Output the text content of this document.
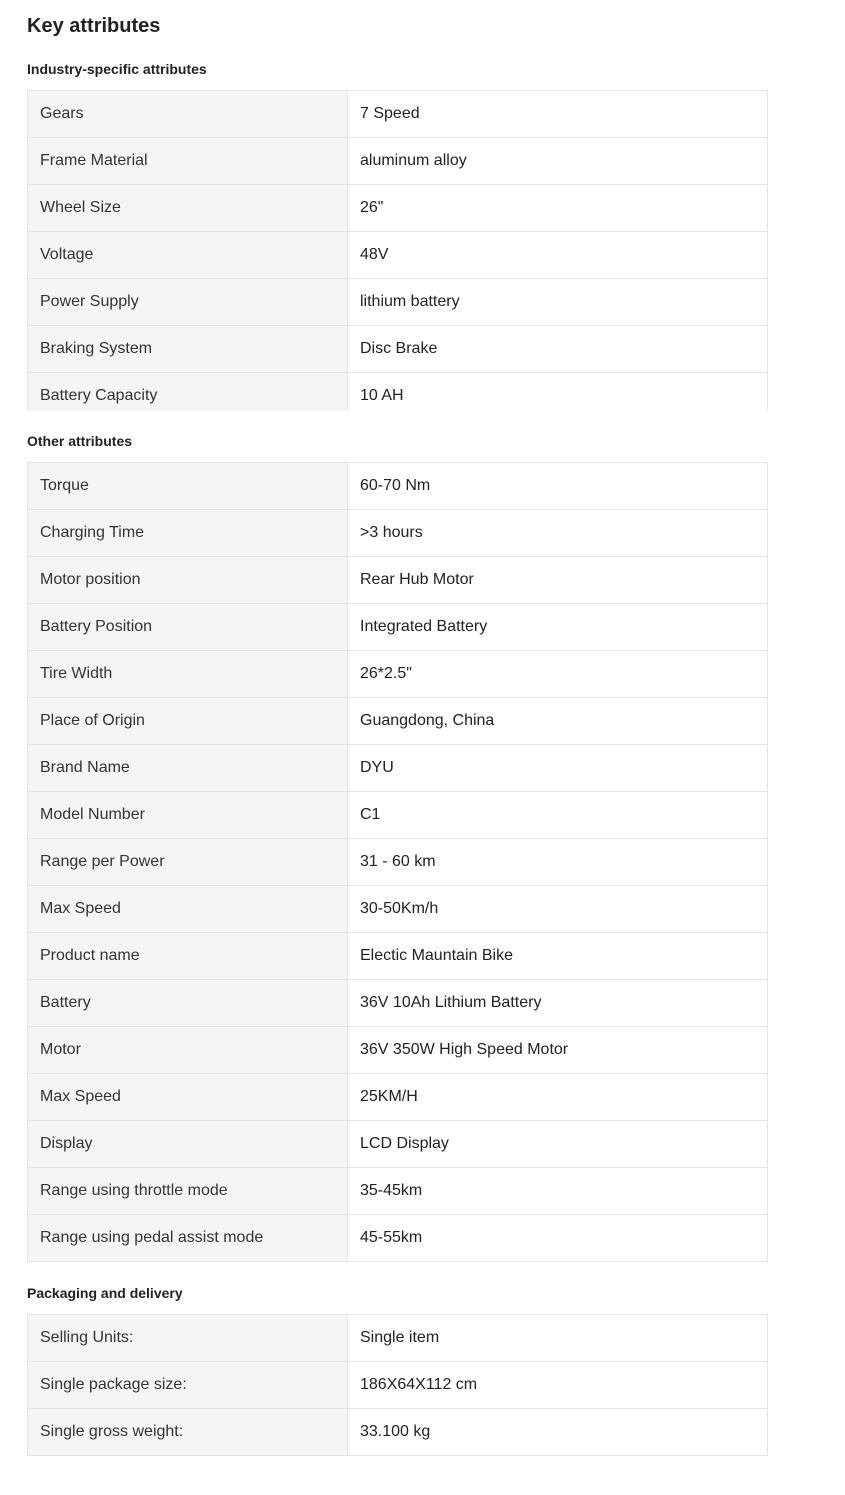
Key attributes
Industry-specific attributes
Gears	7 Speed
Frame Material	aluminum alloy
Wheel Size	26"
Voltage	48V
Power Supply	lithium battery
Braking System	Disc Brake
Battery Capacity	10 AH
Other attributes
Torque	60-70 Nm
Charging Time	>3 hours
Motor position	Rear Hub Motor
Battery Position	Integrated Battery
Tire Width	26*2.5"
Place of Origin	Guangdong, China
Brand Name	DYU
Model Number	C1
Range per Power	31 - 60 km
Max Speed	30-50Km/h
Product name	Electic Mauntain Bike
Battery	36V 10Ah Lithium Battery
Motor	36V 350W High Speed Motor
Max Speed	25KM/H
Display	LCD Display
Range using throttle mode	35-45km
Range using pedal assist mode	45-55km
Packaging and delivery
Selling Units:	Single item
Single package size:	186X64X112 cm
Single gross weight:	33.100 kg
